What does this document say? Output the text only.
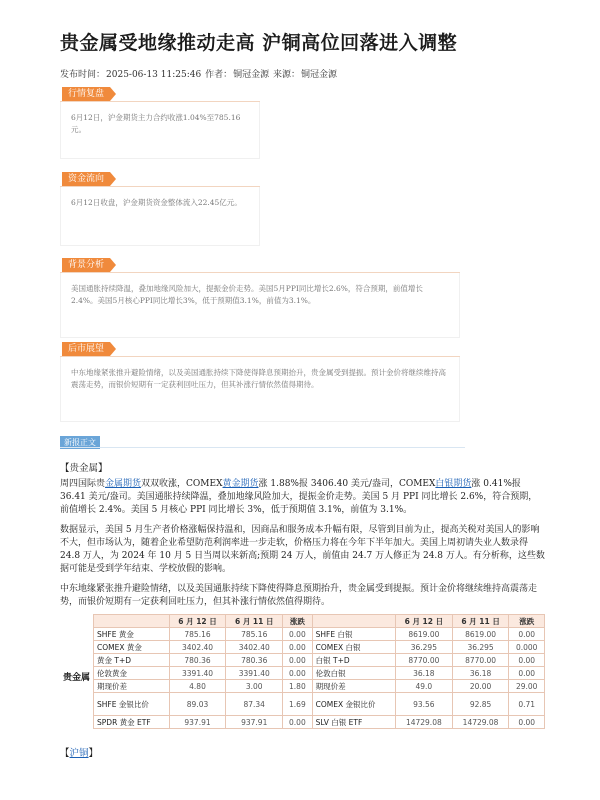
贵金属受地缘推动走高 沪铜高位回落进入调整
发布时间：2025-06-13 11:25:46 作者：铜冠金源 来源：铜冠金源
行情复盘
6月12日，沪金期货主力合约收涨1.04%至785.16元。
资金流向
6月12日收盘，沪金期货资金整体流入22.45亿元。
背景分析
美国通胀持续降温，叠加地缘风险加大，提振金价走势。美国5月PPI同比增长2.6%，符合预期，前值增长2.4%。美国5月核心PPI同比增长3%，低于预期值3.1%，前值为3.1%。
后市展望
中东地缘紧张推升避险情绪，以及美国通胀持续下降使得降息预期抬升，贵金属受到提振。预计金价将继续维持高震荡走势，而银价短期有一定获利回吐压力，但其补涨行情依然值得期待。
新报正文
【贵金属】
周四国际贵金属期货双双收涨，COMEX黄金期货涨 1.88%报 3406.40 美元/盎司，COMEX白银期货涨 0.41%报 36.41 美元/盎司。美国通胀持续降温，叠加地缘风险加大，提振金价走势。美国 5 月 PPI 同比增长 2.6%，符合预期，前值增长 2.4%。美国 5 月核心 PPI 同比增长 3%，低于预期值 3.1%，前值为 3.1%。
数据显示，美国 5 月生产者价格涨幅保持温和，因商品和服务成本升幅有限，尽管到目前为止，提高关税对美国人的影响不大，但市场认为，随着企业希望防范利润率进一步走软，价格压力将在今年下半年加大。美国上周初请失业人数录得 24.8 万人，为 2024 年 10 月 5 日当周以来新高;预期 24 万人，前值由 24.7 万人修正为 24.8 万人。有分析称，这些数据可能是受到学年结束、学校放假的影响。
中东地缘紧张推升避险情绪，以及美国通胀持续下降使得降息预期抬升，贵金属受到提振。预计金价将继续维持高震荡走势，而银价短期有一定获利回吐压力，但其补涨行情依然值得期待。
		6 月 12 日	6 月 11 日	涨跌		6 月 12 日	6 月 11 日	涨跌
贵金属	SHFE 黄金	785.16	785.16	0.00	SHFE 白银	8619.00	8619.00	0.00
	COMEX 黄金	3402.40	3402.40	0.00	COMEX 白银	36.295	36.295	0.000
	黄金 T+D	780.36	780.36	0.00	白银 T+D	8770.00	8770.00	0.00
	伦敦黄金	3391.40	3391.40	0.00	伦敦白银	36.18	36.18	0.00
	期现价差	4.80	3.00	1.80	期现价差	49.0	20.00	29.00
	SHFE 金银比价	89.03	87.34	1.69	COMEX 金银比价	93.56	92.85	0.71
	SPDR 黄金 ETF	937.91	937.91	0.00	SLV 白银 ETF	14729.08	14729.08	0.00
【沪铜】
